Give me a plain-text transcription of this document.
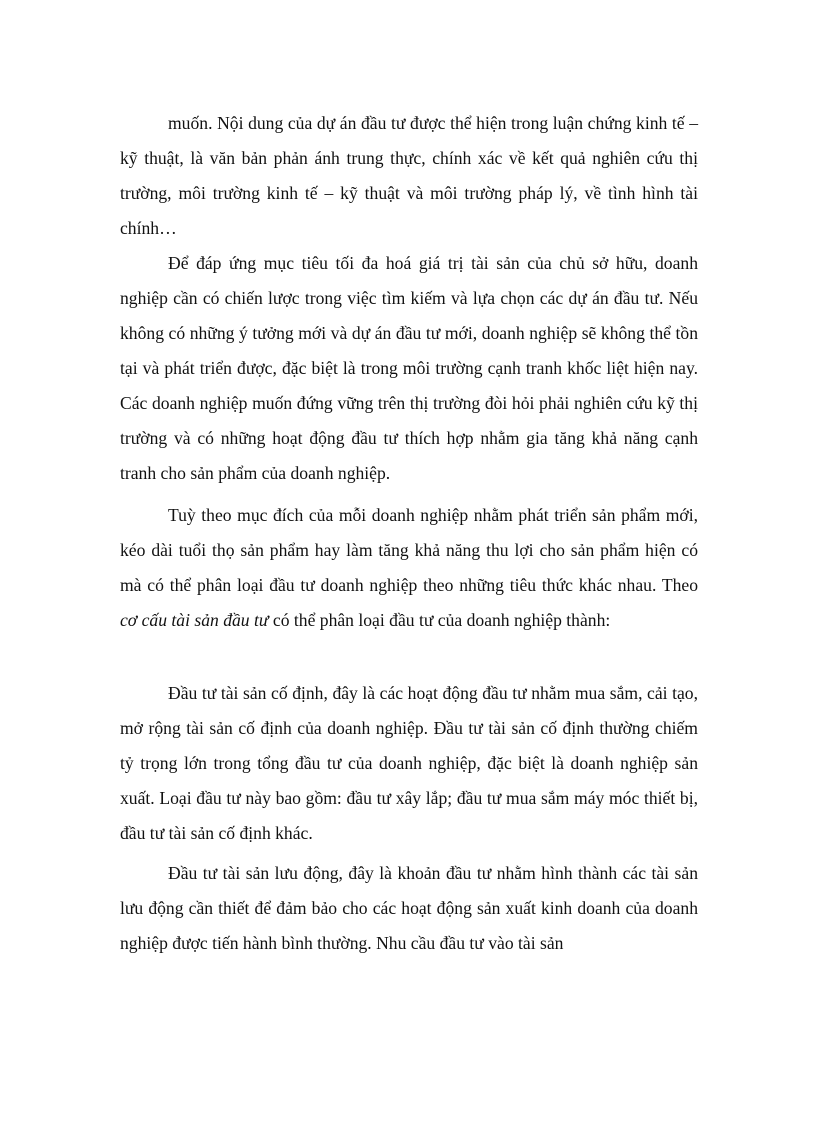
muốn. Nội dung của dự án đầu tư được thể hiện trong luận chứng kinh tế – kỹ thuật, là văn bản phản ánh trung thực, chính xác về kết quả nghiên cứu thị trường, môi trường kinh tế – kỹ thuật và môi trường pháp lý, về tình hình tài chính…

Để đáp ứng mục tiêu tối đa hoá giá trị tài sản của chủ sở hữu, doanh nghiệp cần có chiến lược trong việc tìm kiếm và lựa chọn các dự án đầu tư. Nếu không có những ý tưởng mới và dự án đầu tư mới, doanh nghiệp sẽ không thể tồn tại và phát triển được, đặc biệt là trong môi trường cạnh tranh khốc liệt hiện nay. Các doanh nghiệp muốn đứng vững trên thị trường đòi hỏi phải nghiên cứu kỹ thị trường và có những hoạt động đầu tư thích hợp nhằm gia tăng khả năng cạnh tranh cho sản phẩm của doanh nghiệp.

Tuỳ theo mục đích của mỗi doanh nghiệp nhằm phát triển sản phẩm mới, kéo dài tuổi thọ sản phẩm hay làm tăng khả năng thu lợi cho sản phẩm hiện có mà có thể phân loại đầu tư doanh nghiệp theo những tiêu thức khác nhau. Theo cơ cấu tài sản đầu tư có thể phân loại đầu tư của doanh nghiệp thành:

Đầu tư tài sản cố định, đây là các hoạt động đầu tư nhằm mua sắm, cải tạo, mở rộng tài sản cố định của doanh nghiệp. Đầu tư tài sản cố định thường chiếm tỷ trọng lớn trong tổng đầu tư của doanh nghiệp, đặc biệt là doanh nghiệp sản xuất. Loại đầu tư này bao gồm: đầu tư xây lắp; đầu tư mua sắm máy móc thiết bị, đầu tư tài sản cố định khác.

Đầu tư tài sản lưu động, đây là khoản đầu tư nhằm hình thành các tài sản lưu động cần thiết để đảm bảo cho các hoạt động sản xuất kinh doanh của doanh nghiệp được tiến hành bình thường. Nhu cầu đầu tư vào tài sản
